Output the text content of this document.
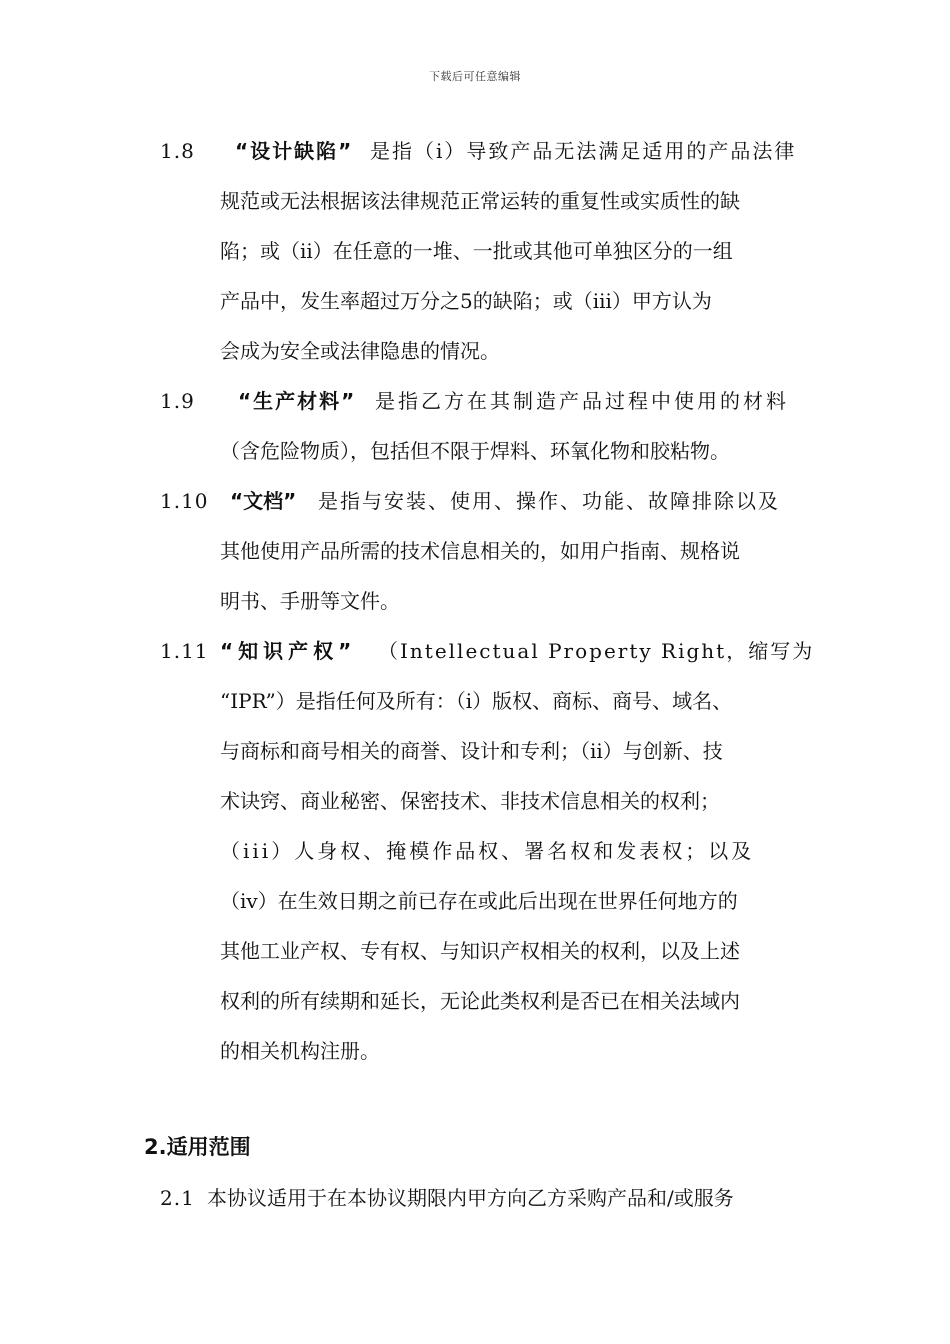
下载后可任意编辑
1.8 “设计缺陷” 是指（i）导致产品无法满足适用的产品法律
规范或无法根据该法律规范正常运转的重复性或实质性的缺
陷；或（ii）在任意的一堆、一批或其他可单独区分的一组
产品中，发生率超过万分之5的缺陷；或（iii）甲方认为
会成为安全或法律隐患的情况。
1.9 “生产材料” 是指乙方在其制造产品过程中使用的材料
（含危险物质），包括但不限于焊料、环氧化物和胶粘物。
1.10 “文档” 是指与安装、使用、操作、功能、故障排除以及
其他使用产品所需的技术信息相关的，如用户指南、规格说
明书、手册等文件。
1.11 “知识产权” （Intellectual Property Right，缩写为
“IPR”）是指任何及所有：（i）版权、商标、商号、域名、
与商标和商号相关的商誉、设计和专利；（ii）与创新、技
术诀窍、商业秘密、保密技术、非技术信息相关的权利；
（iii）人身权、掩模作品权、署名权和发表权；以及
（iv）在生效日期之前已存在或此后出现在世界任何地方的
其他工业产权、专有权、与知识产权相关的权利，以及上述
权利的所有续期和延长，无论此类权利是否已在相关法域内
的相关机构注册。
2.适用范围
2.1 本协议适用于在本协议期限内甲方向乙方采购产品和/或服务
